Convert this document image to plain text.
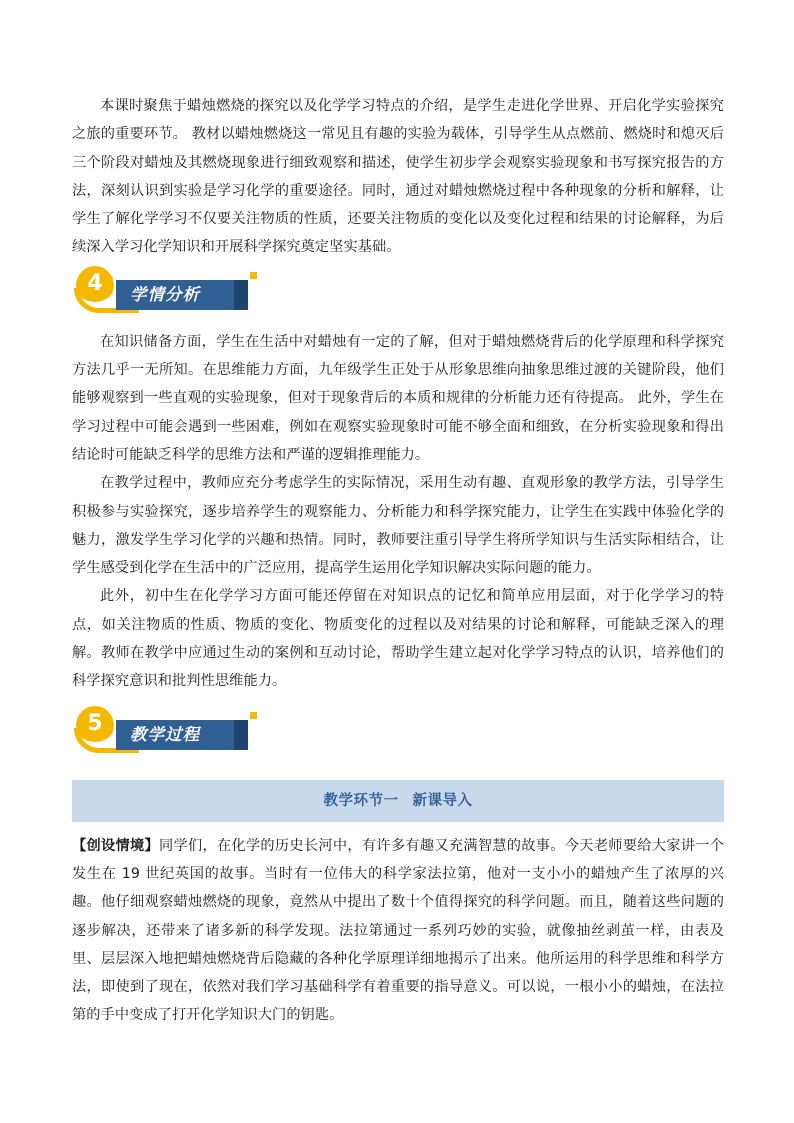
本课时聚焦于蜡烛燃烧的探究以及化学学习特点的介绍，是学生走进化学世界、开启化学实验探究之旅的重要环节。 教材以蜡烛燃烧这一常见且有趣的实验为载体，引导学生从点燃前、燃烧时和熄灭后三个阶段对蜡烛及其燃烧现象进行细致观察和描述，使学生初步学会观察实验现象和书写探究报告的方法，深刻认识到实验是学习化学的重要途径。同时，通过对蜡烛燃烧过程中各种现象的分析和解释，让学生了解化学学习不仅要关注物质的性质，还要关注物质的变化以及变化过程和结果的讨论解释，为后续深入学习化学知识和开展科学探究奠定坚实基础。

4	学情分析

在知识储备方面，学生在生活中对蜡烛有一定的了解，但对于蜡烛燃烧背后的化学原理和科学探究方法几乎一无所知。在思维能力方面，九年级学生正处于从形象思维向抽象思维过渡的关键阶段，他们能够观察到一些直观的实验现象，但对于现象背后的本质和规律的分析能力还有待提高。 此外，学生在学习过程中可能会遇到一些困难，例如在观察实验现象时可能不够全面和细致，在分析实验现象和得出结论时可能缺乏科学的思维方法和严谨的逻辑推理能力。

在教学过程中，教师应充分考虑学生的实际情况，采用生动有趣、直观形象的教学方法，引导学生积极参与实验探究，逐步培养学生的观察能力、分析能力和科学探究能力，让学生在实践中体验化学的魅力，激发学生学习化学的兴趣和热情。同时，教师要注重引导学生将所学知识与生活实际相结合，让学生感受到化学在生活中的广泛应用，提高学生运用化学知识解决实际问题的能力。

此外，初中生在化学学习方面可能还停留在对知识点的记忆和简单应用层面，对于化学学习的特点，如关注物质的性质、物质的变化、物质变化的过程以及对结果的讨论和解释，可能缺乏深入的理解。教师在教学中应通过生动的案例和互动讨论，帮助学生建立起对化学学习特点的认识，培养他们的科学探究意识和批判性思维能力。

5	教学过程
教学环节一 新课导入

【创设情境】同学们，在化学的历史长河中，有许多有趣又充满智慧的故事。今天老师要给大家讲一个发生在 19 世纪英国的故事。当时有一位伟大的科学家法拉第，他对一支小小的蜡烛产生了浓厚的兴趣。他仔细观察蜡烛燃烧的现象，竟然从中提出了数十个值得探究的科学问题。而且，随着这些问题的逐步解决，还带来了诸多新的科学发现。法拉第通过一系列巧妙的实验，就像抽丝剥茧一样，由表及里、层层深入地把蜡烛燃烧背后隐藏的各种化学原理详细地揭示了出来。他所运用的科学思维和科学方法，即使到了现在，依然对我们学习基础科学有着重要的指导意义。可以说，一根小小的蜡烛，在法拉第的手中变成了打开化学知识大门的钥匙。
